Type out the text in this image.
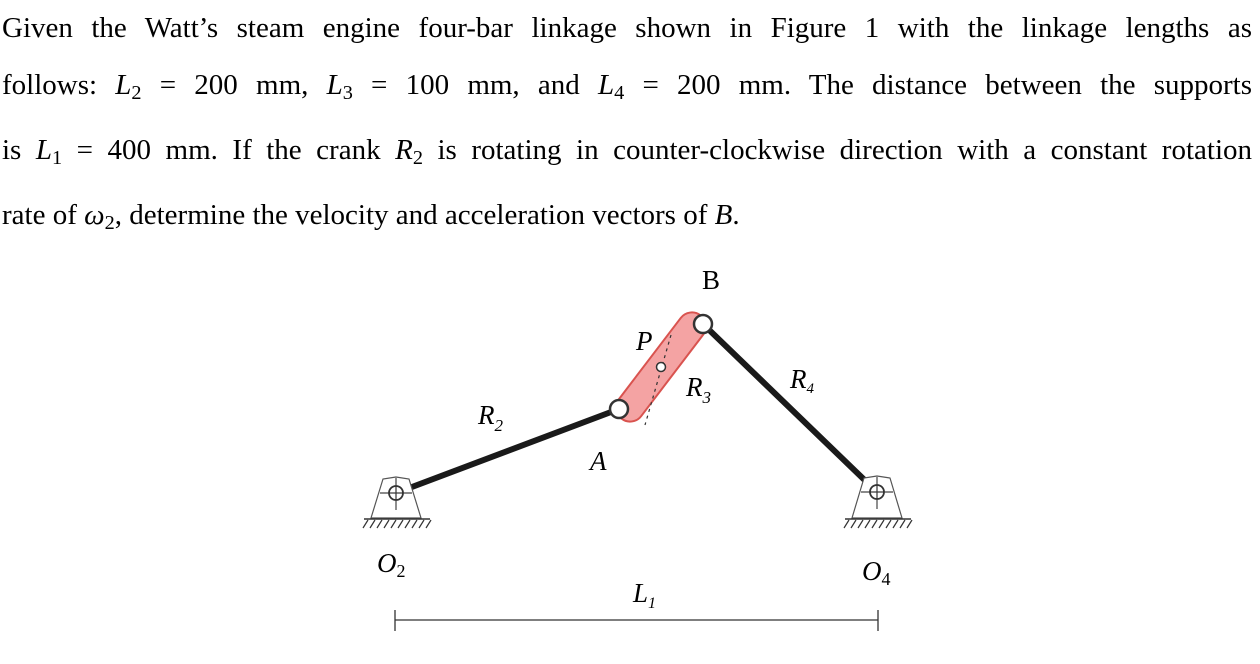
Given the Watt’s steam engine four-bar linkage shown in Figure 1 with the linkage lengths as
follows: $L_2 = 200$ mm, $L_3 = 100$ mm, and $L_4 = 200$ mm. The distance between the supports
is $L_1 = 400$ mm. If the crank $R_2$ is rotating in counter-clockwise direction with a constant rotation
rate of $\omega_2$, determine the velocity and acceleration vectors of B.
B
P
$R_2$
$R_3$
R4
A
O2	O4
$L_1$
